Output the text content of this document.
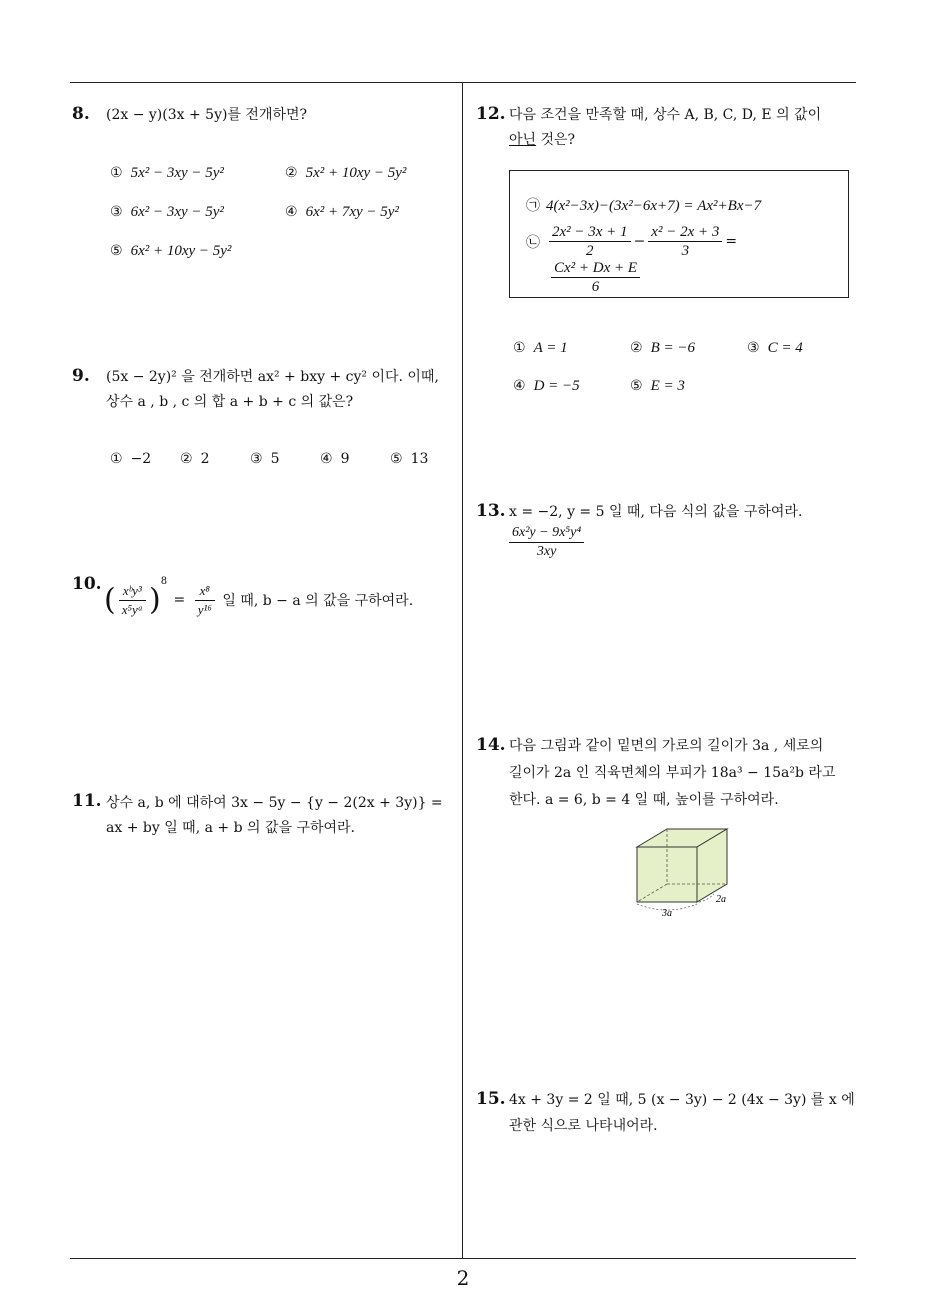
8. (2x − y)(3x + 5y)를 전개하면?
① 5x² − 3xy − 5y²	② 5x² + 10xy − 5y²
③ 6x² − 3xy − 5y²	④ 6x² + 7xy − 5y²
⑤ 6x² + 10xy − 5y²
9. (5x − 2y)² 을 전개하면 ax² + bxy + cy² 이다. 이때,
상수 a , b , c 의 합 a + b + c 의 값은?
① −2 ② 2	③ 5	④ 9	⑤ 13
10. ( $\frac{\text{xᵇy³}}{\text{x⁵yᵃ}} )^8 = \frac{\text{x⁸}}{\text{y¹⁶}}$ 일 때, b − a 의 값을 구하여라.
11. 상수 a, b 에 대하여 3x − 5y − {y − 2(2x + 3y)} =
ax + by 일 때, a + b 의 값을 구하여라.
12. 다음 조건을 만족할 때, 상수 A, B, C, D, E 의 값이
아닌 것은?
㉠ 4(x²−3x)−(3x²−6x+7) = Ax²+Bx−7
㉡ $\frac{\text{2x² − 3x + 1}}{2} - \frac{\text{x² − 2x + 3}}{3}$ =
$\frac{\text{Cx² + Dx + E}}{6}$
① A = 1	② B = −6	③ C = 4
④ D = −5	⑤ E = 3
13. x = −2, y = 5 일 때, 다음 식의 값을 구하여라.
$\frac{\text{6x²y − 9x⁵y⁴}}{3xy}$
14. 다음 그림과 같이 밑면의 가로의 길이가 3a , 세로의
길이가 2a 인 직육면체의 부피가 18a³ − 15a²b 라고
한다. a = 6, b = 4 일 때, 높이를 구하여라.
3a
2a
15. 4x + 3y = 2 일 때, 5 (x − 3y) − 2 (4x − 3y) 를 x 에
관한 식으로 나타내어라.
2
